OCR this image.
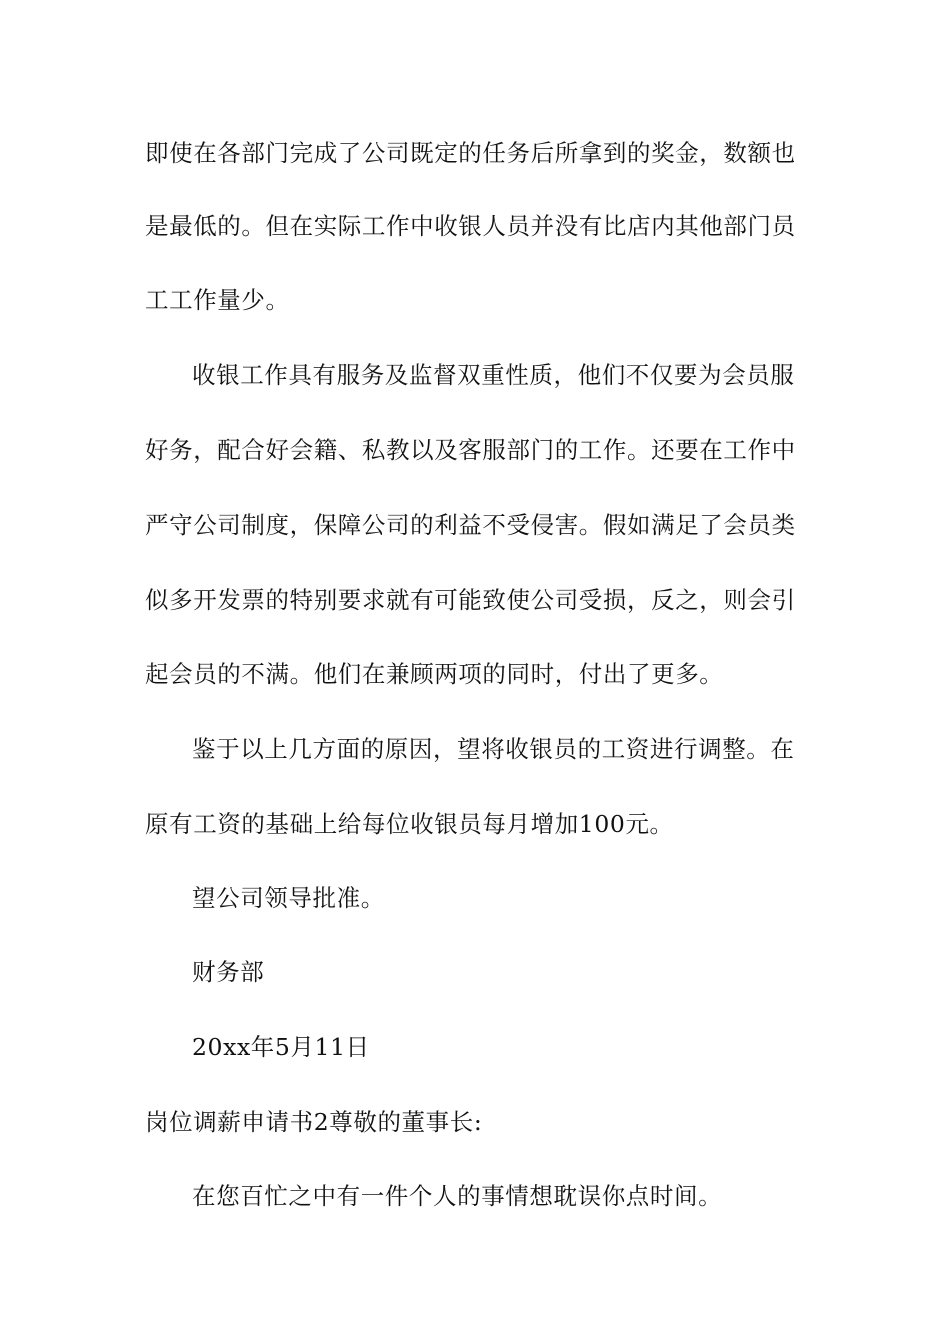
即使在各部门完成了公司既定的任务后所拿到的奖金，数额也
是最低的。但在实际工作中收银人员并没有比店内其他部门员
工工作量少。
收银工作具有服务及监督双重性质，他们不仅要为会员服
好务，配合好会籍、私教以及客服部门的工作。还要在工作中
严守公司制度，保障公司的利益不受侵害。假如满足了会员类
似多开发票的特别要求就有可能致使公司受损，反之，则会引
起会员的不满。他们在兼顾两项的同时，付出了更多。
鉴于以上几方面的原因，望将收银员的工资进行调整。在
原有工资的基础上给每位收银员每月增加100元。
望公司领导批准。
财务部
20xx年5月11日
岗位调薪申请书2尊敬的董事长:
在您百忙之中有一件个人的事情想耽误你点时间。
